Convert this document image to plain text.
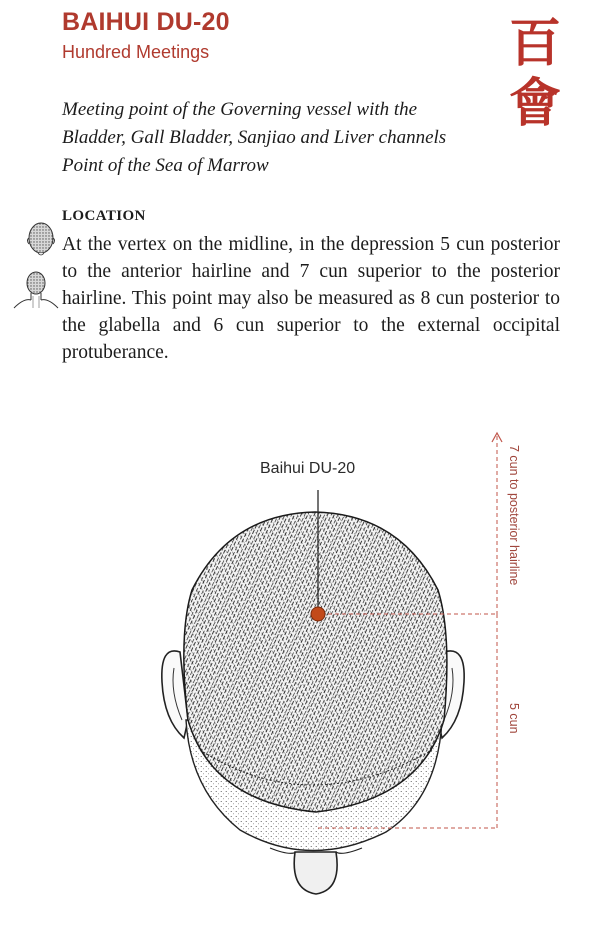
BAIHUI DU-20
Hundred Meetings	百
會
Meeting point of the Governing vessel with the
Bladder, Gall Bladder, Sanjiao and Liver channels
Point of the Sea of Marrow
LOCATION
At the vertex on the midline, in the depression 5 cun posterior to the anterior hairline and 7 cun superior to the posterior hairline. This point may also be measured as 8 cun posterior to the glabella and 6 cun superior to the external occipital protuberance.
Baihui DU-20	7 cun to posterior hairline
5 cun
